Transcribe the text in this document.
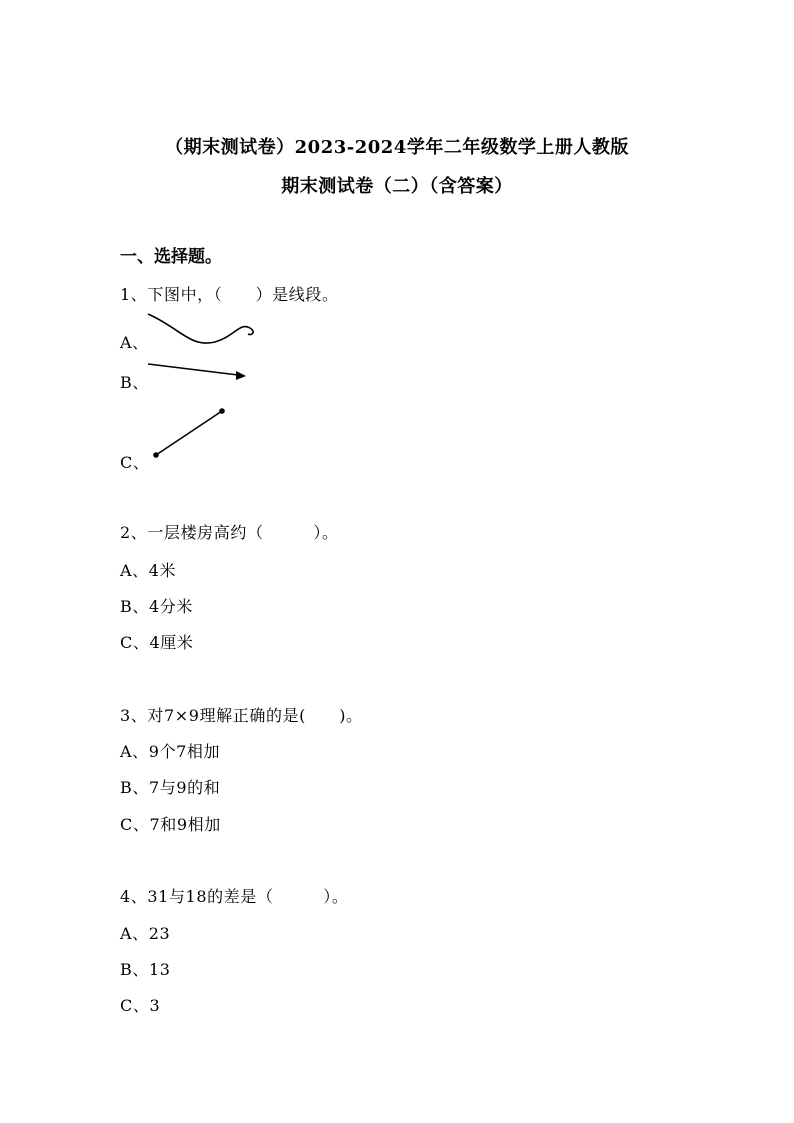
（期末测试卷）2023-2024学年二年级数学上册人教版
期末测试卷（二）（含答案）
一、选择题。
1、下图中，（　　）是线段。
A、
B、
C、
2、一层楼房高约（　　　）。
A、4米
B、4分米
C、4厘米
3、对7×9理解正确的是(　　)。
A、9个7相加
B、7与9的和
C、7和9相加
4、31与18的差是（　　　）。
A、23
B、13
C、3
